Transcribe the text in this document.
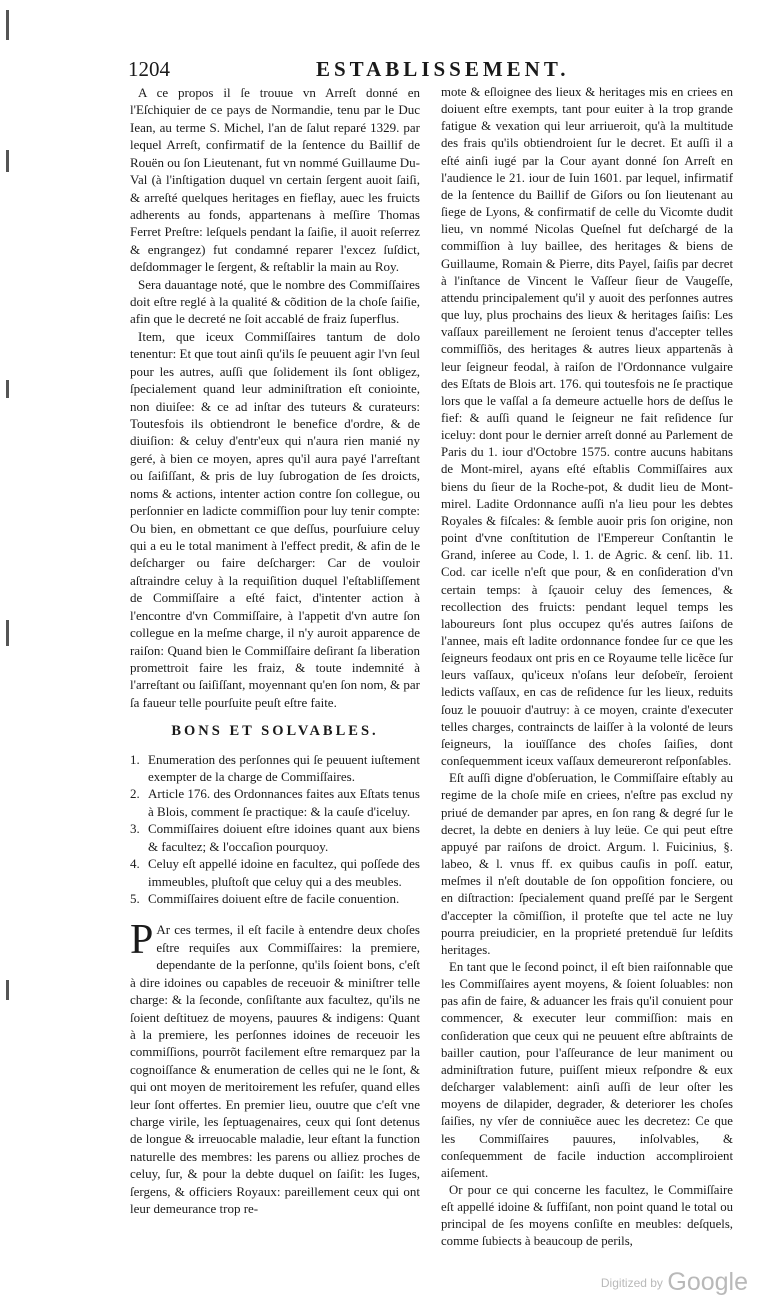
1204	ESTABLISSEMENT.

A ce propos il ſe trouue vn Arreſt donné en l'Eſchiquier de ce pays de Normandie, tenu par le Duc Iean, au terme S. Michel, l'an de ſalut reparé 1329. par lequel Arreſt, confirmatif de la ſentence du Baillif de Rouën ou ſon Lieutenant, fut vn nommé Guillaume Du-Val (à l'inſtigation duquel vn certain ſergent auoit ſaiſi, & arreſté quelques heritages en fieflay, auec les fruicts adherents au fonds, appartenans à meſſire Thomas Ferret Preſtre: leſquels pendant la ſaiſie, il auoit reſerrez & engrangez) fut condamné reparer l'excez ſuſdict, deſdommager le ſergent, & reſtablir la main au Roy.

Sera dauantage noté, que le nombre des Commiſſaires doit eſtre reglé à la qualité & cõdition de la choſe ſaiſie, afin que le decreté ne ſoit accablé de fraiz ſuperflus.

Item, que iceux Commiſſaires tantum de dolo tenentur: Et que tout ainſi qu'ils ſe peuuent agir l'vn ſeul pour les autres, auſſi que ſolidement ils ſont obligez, ſpecialement quand leur adminiſtration eſt coniointe, non diuiſee: & ce ad inſtar des tuteurs & curateurs: Toutesfois ils obtiendront le benefice d'ordre, & de diuiſion: & celuy d'entr'eux qui n'aura rien manié ny geré, à bien ce moyen, apres qu'il aura payé l'arreſtant ou ſaiſiſſant, & pris de luy ſubrogation de ſes droicts, noms & actions, intenter action contre ſon collegue, ou perſonnier en ladicte commiſſion pour luy tenir compte: Ou bien, en obmettant ce que deſſus, pourſuiure celuy qui a eu le total maniment à l'effect predit, & afin de le deſcharger ou faire deſcharger: Car de vouloir aſtraindre celuy à la requiſition duquel l'eſtabliſſement de Commiſſaire a eſté faict, d'intenter action à l'encontre d'vn Commiſſaire, à l'appetit d'vn autre ſon collegue en la meſme charge, il n'y auroit apparence de raiſon: Quand bien le Commiſſaire deſirant ſa liberation promettroit faire les fraiz, & toute indemnité à l'arreſtant ou ſaiſiſſant, moyennant qu'en ſon nom, & par ſa faueur telle pourſuite peuſt eſtre faite.

BONS ET SOLVABLES.
1. Enumeration des perſonnes qui ſe peuuent iuſtement exempter de la charge de Commiſſaires.
2. Article 176. des Ordonnances faites aux Eſtats tenus à Blois, comment ſe practique: & la cauſe d'iceluy.
3. Commiſſaires doiuent eſtre idoines quant aux biens & facultez; & l'occaſion pourquoy.
4. Celuy eſt appellé idoine en facultez, qui poſſede des immeubles, pluſtoſt que celuy qui a des meubles.
5. Commiſſaires doiuent eſtre de facile conuention.

P Ar ces termes, il eſt facile à entendre deux choſes eſtre requiſes aux Commiſſaires: la premiere, dependante de la perſonne, qu'ils ſoient bons, c'eſt à dire idoines ou capables de receuoir & miniſtrer telle charge: & la ſeconde, conſiſtante aux facultez, qu'ils ne ſoient deſtituez de moyens, pauures & indigens: Quant à la premiere, les perſonnes idoines de receuoir les commiſſions, pourrõt facilement eſtre remarquez par la cognoiſſance & enumeration de celles qui ne le ſont, & qui ont moyen de meritoirement les refuſer, quand elles leur ſont offertes. En premier lieu, ouutre que c'eſt vne charge virile, les ſeptuagenaires, ceux qui ſont detenus de longue & irreuocable maladie, leur eſtant la function naturelle des membres: les parens ou alliez proches de celuy, ſur, & pour la debte duquel on ſaiſit: les Iuges, ſergens, & officiers Royaux: pareillement ceux qui ont leur demeurance trop re-

mote & eſloignee des lieux & heritages mis en criees en doiuent eſtre exempts, tant pour euiter à la trop grande fatigue & vexation qui leur arriueroit, qu'à la multitude des frais qu'ils obtiendroient ſur le decret. Et auſſi il a eſté ainſi iugé par la Cour ayant donné ſon Arreſt en l'audience le 21. iour de Iuin 1601. par lequel, infirmatif de la ſentence du Baillif de Giſors ou ſon lieutenant au ſiege de Lyons, & confirmatif de celle du Vicomte dudit lieu, vn nommé Nicolas Queſnel fut deſchargé de la commiſſion à luy baillee, des heritages & biens de Guillaume, Romain & Pierre, dits Payel, ſaiſis par decret à l'inſtance de Vincent le Vaſſeur ſieur de Vaugeſſe, attendu principalement qu'il y auoit des perſonnes autres que luy, plus prochains des lieux & heritages ſaiſis: Les vaſſaux pareillement ne ſeroient tenus d'accepter telles commiſſiõs, des heritages & autres lieux appartenãs à leur ſeigneur feodal, à raiſon de l'Ordonnance vulgaire des Eſtats de Blois art. 176. qui toutesfois ne ſe practique lors que le vaſſal a ſa demeure actuelle hors de deſſus le fief: & auſſi quand le ſeigneur ne fait reſidence ſur iceluy: dont pour le dernier arreſt donné au Parlement de Paris du 1. iour d'Octobre 1575. contre aucuns habitans de Mont-mirel, ayans eſté eſtablis Commiſſaires aux biens du ſieur de la Roche-pot, & dudit lieu de Mont-mirel. Ladite Ordonnance auſſi n'a lieu pour les debtes Royales & fiſcales: & ſemble auoir pris ſon origine, non point d'vne conſtitution de l'Empereur Conſtantin le Grand, inſeree au Code, l. 1. de Agric. & cenſ. lib. 11. Cod. car icelle n'eſt que pour, & en conſideration d'vn certain temps: à ſçauoir celuy des ſemences, & recollection des fruicts: pendant lequel temps les laboureurs ſont plus occupez qu'és autres ſaiſons de l'annee, mais eſt ladite ordonnance fondee ſur ce que les ſeigneurs feodaux ont pris en ce Royaume telle licẽce ſur leurs vaſſaux, qu'iceux n'oſans leur deſobeïr, ſeroient ledicts vaſſaux, en cas de reſidence ſur les lieux, reduits ſouz le pouuoir d'autruy: à ce moyen, crainte d'executer telles charges, contraincts de laiſſer à la volonté de leurs ſeigneurs, la iouïſſance des choſes ſaiſies, dont conſequemment iceux vaſſaux demeureront reſponſables.

Eſt auſſi digne d'obſeruation, le Commiſſaire eſtably au regime de la choſe miſe en criees, n'eſtre pas exclud ny priué de demander par apres, en ſon rang & degré ſur le decret, la debte en deniers à luy leüe. Ce qui peut eſtre appuyé par raiſons de droict. Argum. l. Fuicinius, §. labeo, & l. vnus ff. ex quibus cauſis in poſſ. eatur, meſmes il n'eſt doutable de ſon oppoſition fonciere, ou en diſtraction: ſpecialement quand preſſé par le Sergent d'accepter la cõmiſſion, il proteſte que tel acte ne luy pourra preiudicier, en la proprieté pretenduë ſur leſdits heritages.

En tant que le ſecond poinct, il eſt bien raiſonnable que les Commiſſaires ayent moyens, & ſoient ſoluables: non pas afin de faire, & aduancer les frais qu'il conuient pour commencer, & executer leur commiſſion: mais en conſideration que ceux qui ne peuuent eſtre abſtraints de bailler caution, pour l'aſſeurance de leur maniment ou adminiſtration future, puiſſent mieux reſpondre & eux deſcharger valablement: ainſi auſſi de leur oſter les moyens de dilapider, degrader, & deteriorer les choſes ſaiſies, ny vſer de conniuẽce auec les decretez: Ce que les Commiſſaires pauures, inſolvables, & conſequemment de facile induction accompliroient aiſement.

Or pour ce qui concerne les facultez, le Commiſſaire eſt appellé idoine & ſuffiſant, non point quand le total ou principal de ſes moyens conſiſte en meubles: deſquels, comme ſubiects à beaucoup de perils,

Digitized by Google
